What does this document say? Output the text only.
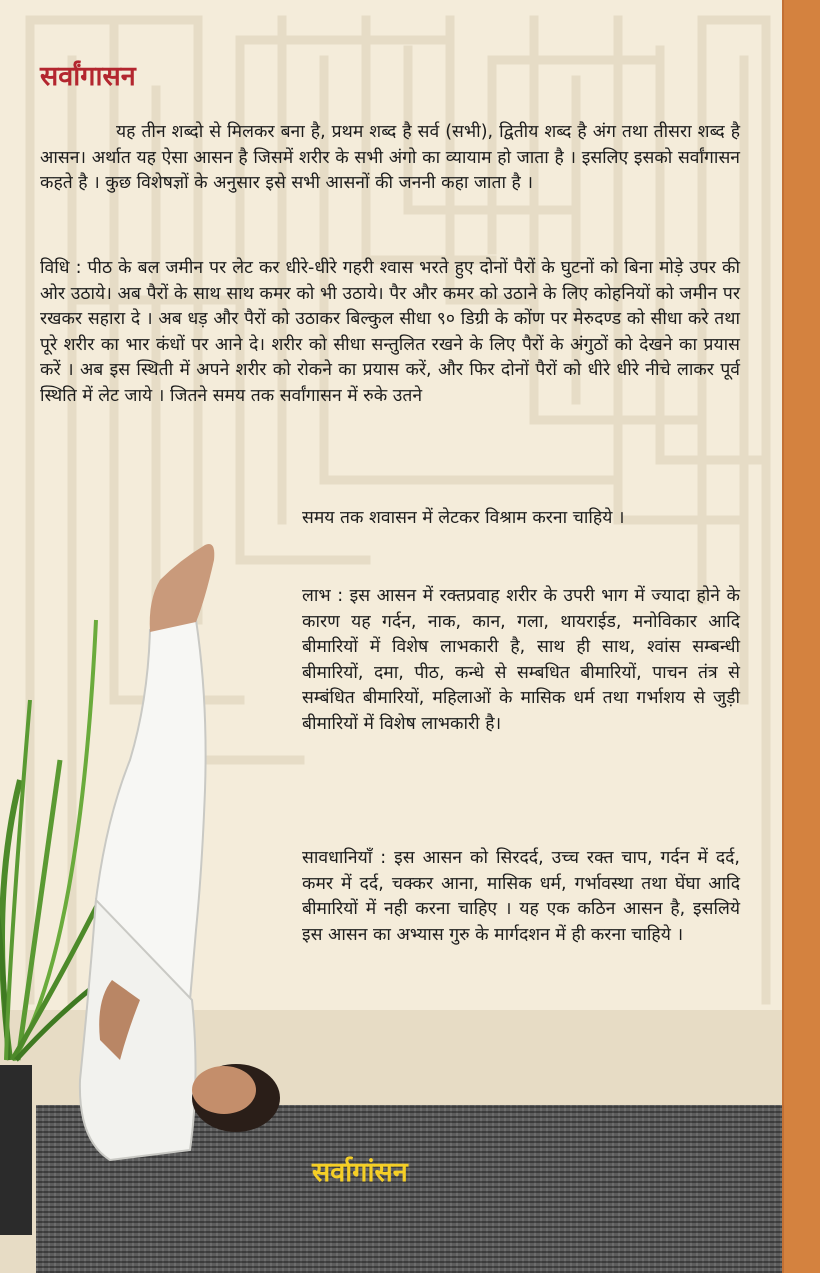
सर्वांगासन

यह तीन शब्दो से मिलकर बना है, प्रथम शब्द है सर्व (सभी), द्वितीय शब्द है अंग तथा तीसरा शब्द है आसन। अर्थात यह ऐसा आसन है जिसमें शरीर के सभी अंगो का व्यायाम हो जाता है । इसलिए इसको सर्वांगासन कहते है । कुछ विशेषज्ञों के अनुसार इसे सभी आसनों की जननी कहा जाता है ।

विधि : पीठ के बल जमीन पर लेट कर धीरे-धीरे गहरी श्वास भरते हुए दोनों पैरों के घुटनों को बिना मोड़े उपर की ओर उठाये। अब पैरों के साथ साथ कमर को भी उठाये। पैर और कमर को उठाने के लिए कोहनियों को जमीन पर रखकर सहारा दे । अब धड़ और पैरों को उठाकर बिल्कुल सीधा ९० डिग्री के कोंण पर मेरुदण्ड को सीधा करे तथा पूरे शरीर का भार कंधों पर आने दे। शरीर को सीधा सन्तुलित रखने के लिए पैरों के अंगुठों को देखने का प्रयास करें । अब इस स्थिती में अपने शरीर को रोकने का प्रयास करें, और फिर दोनों पैरों को धीरे धीरे नीचे लाकर पूर्व स्थिति में लेट जाये । जितने समय तक सर्वांगासन में रुके उतने

समय तक शवासन में लेटकर विश्राम करना चाहिये ।

लाभ : इस आसन में रक्तप्रवाह शरीर के उपरी भाग में ज्यादा होने के कारण यह गर्दन, नाक, कान, गला, थायराईड, मनोविकार आदि बीमारियों में विशेष लाभकारी है, साथ ही साथ, श्वांस सम्बन्धी बीमारियों, दमा, पीठ, कन्धे से सम्बधित बीमारियों, पाचन तंत्र से सम्बंधित बीमारियों, महिलाओं के मासिक धर्म तथा गर्भाशय से जुड़ी बीमारियों में विशेष लाभकारी है।

सावधानियाँ : इस आसन को सिरदर्द, उच्च रक्त चाप, गर्दन में दर्द, कमर में दर्द, चक्कर आना, मासिक धर्म, गर्भावस्था तथा घेंघा आदि बीमारियों में नही करना चाहिए । यह एक कठिन आसन है, इसलिये इस आसन का अभ्यास गुरु के मार्गदशन में ही करना चाहिये ।

सर्वागांसन
